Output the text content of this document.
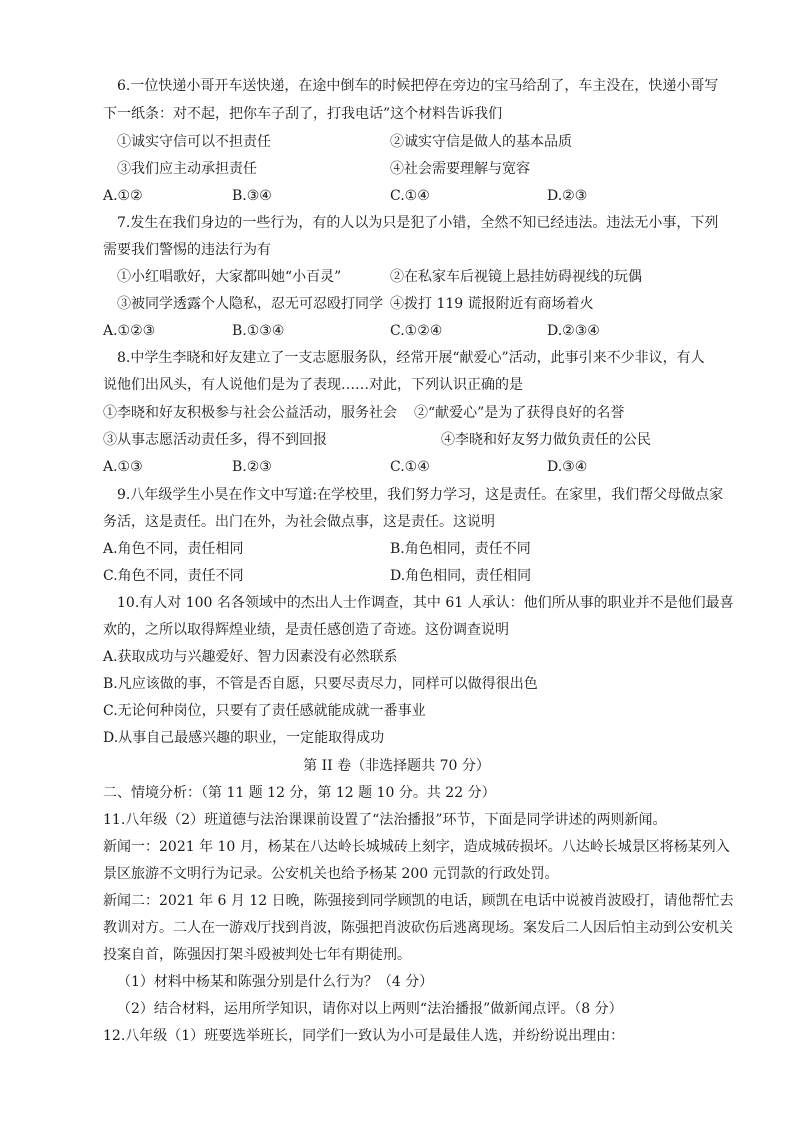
6.一位快递小哥开车送快递，在途中倒车的时候把停在旁边的宝马给刮了，车主没在，快递小哥写
下一纸条：对不起，把你车子刮了，打我电话”这个材料告诉我们
①诚实守信可以不担责任	②诚实守信是做人的基本品质
③我们应主动承担责任	④社会需要理解与宽容
A.①②	B.③④	C.①④	D.②③
7.发生在我们身边的一些行为，有的人以为只是犯了小错，全然不知已经违法。违法无小事，下列
需要我们警惕的违法行为有
①小红唱歌好，大家都叫她“小百灵”	②在私家车后视镜上悬挂妨碍视线的玩偶
③被同学透露个人隐私，忍无可忍殴打同学 ④拨打 119 谎报附近有商场着火
A.①②③	B.①③④	C.①②④	D.②③④
8.中学生李晓和好友建立了一支志愿服务队，经常开展“献爱心”活动，此事引来不少非议，有人
说他们出风头，有人说他们是为了表现……对此，下列认识正确的是
①李晓和好友积极参与社会公益活动，服务社会 ②“献爱心”是为了获得良好的名誉
③从事志愿活动责任多，得不到回报	④李晓和好友努力做负责任的公民
A.①③	B.②③	C.①④	D.③④
9.八年级学生小昊在作文中写道:在学校里，我们努力学习，这是责任。在家里，我们帮父母做点家
务活，这是责任。出门在外，为社会做点事，这是责任。这说明
A.角色不同，责任相同	B.角色相同，责任不同
C.角色不同，责任不同	D.角色相同，责任相同
10.有人对 100 名各领域中的杰出人士作调查，其中 61 人承认：他们所从事的职业并不是他们最喜
欢的，之所以取得辉煌业绩，是责任感创造了奇迹。这份调查说明
A.获取成功与兴趣爱好、智力因素没有必然联系
B.凡应该做的事，不管是否自愿，只要尽责尽力，同样可以做得很出色
C.无论何种岗位，只要有了责任感就能成就一番事业
D.从事自己最感兴趣的职业，一定能取得成功
第 II 卷（非选择题共 70 分）
二、情境分析：（第 11 题 12 分，第 12 题 10 分。共 22 分）
11.八年级（2）班道德与法治课课前设置了“法治播报”环节，下面是同学讲述的两则新闻。
新闻一：2021 年 10 月，杨某在八达岭长城城砖上刻字，造成城砖损坏。八达岭长城景区将杨某列入
景区旅游不文明行为记录。公安机关也给予杨某 200 元罚款的行政处罚。
新闻二：2021 年 6 月 12 日晚，陈强接到同学顾凯的电话，顾凯在电话中说被肖波殴打，请他帮忙去
教训对方。二人在一游戏厅找到肖波，陈强把肖波砍伤后逃离现场。案发后二人因后怕主动到公安机关
投案自首，陈强因打架斗殴被判处七年有期徒刑。
（1）材料中杨某和陈强分别是什么行为？（4 分）
（2）结合材料，运用所学知识，请你对以上两则“法治播报”做新闻点评。（8 分）
12.八年级（1）班要选举班长，同学们一致认为小可是最佳人选，并纷纷说出理由：
